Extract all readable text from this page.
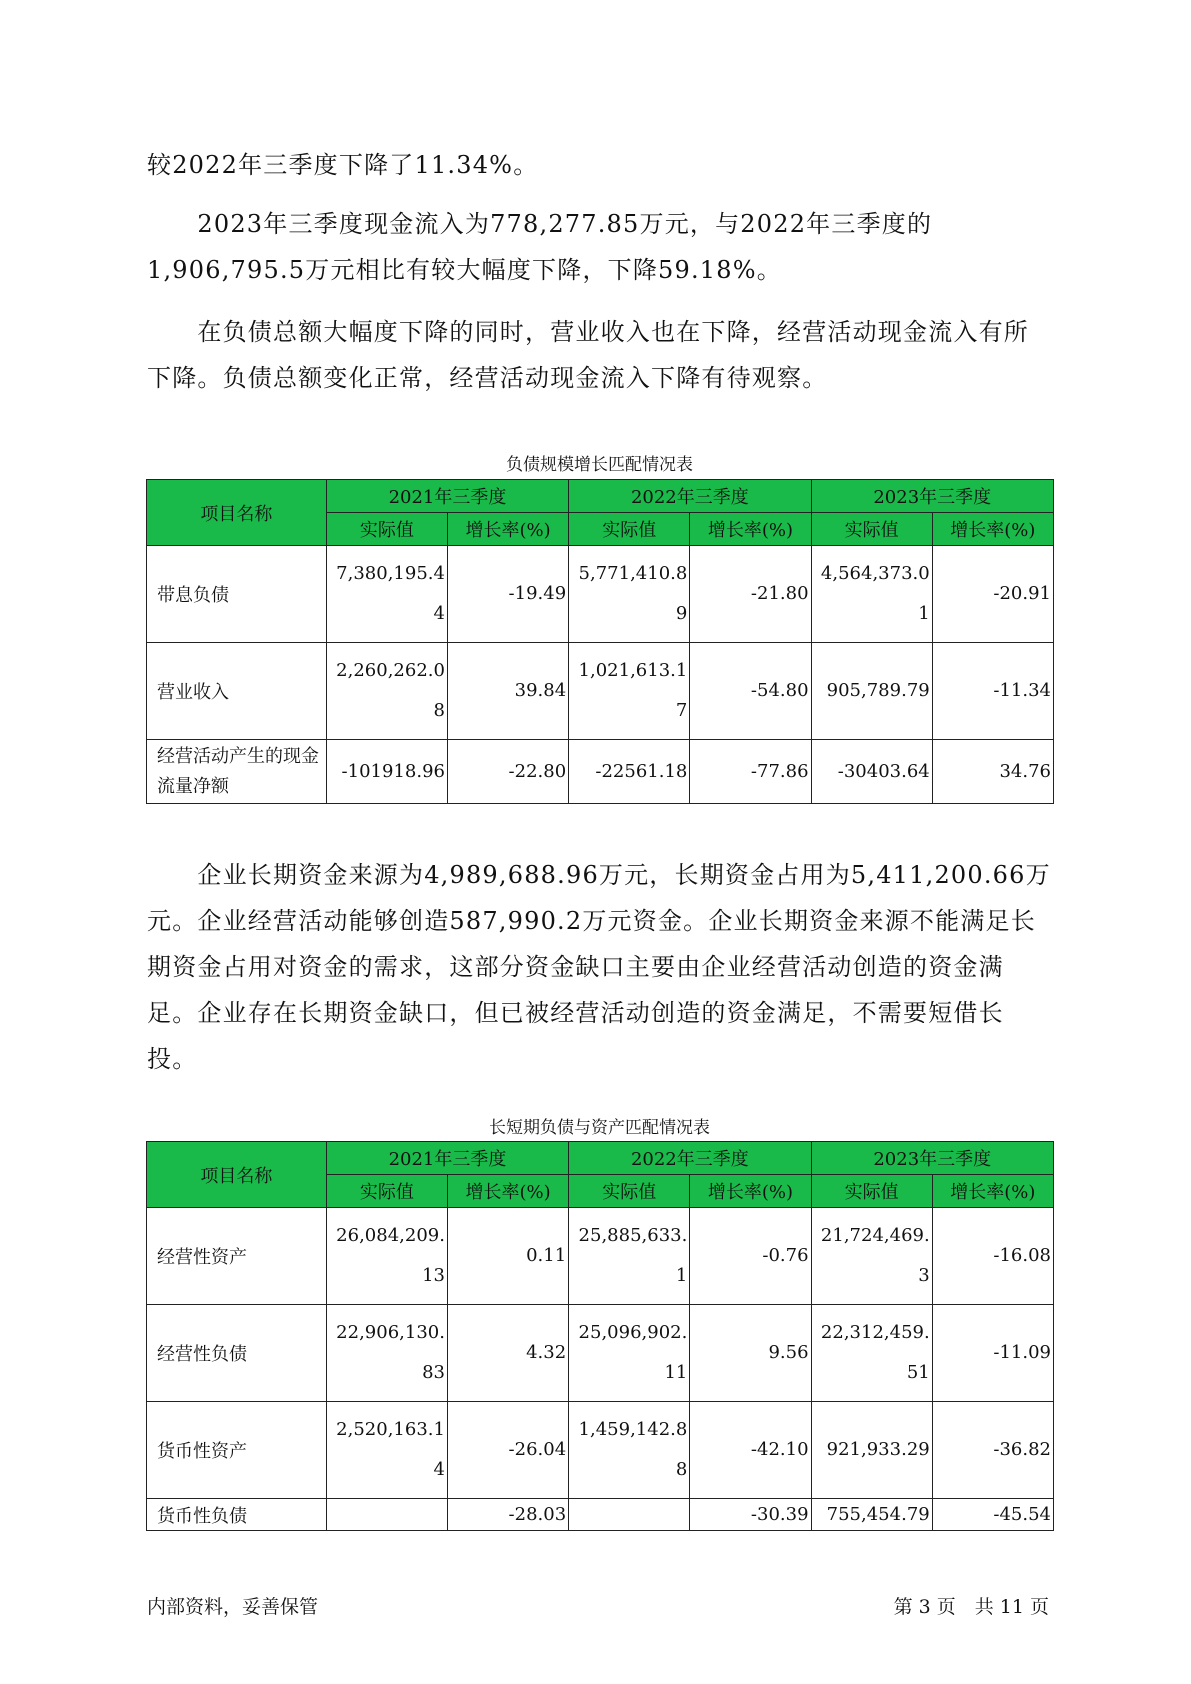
较2022年三季度下降了11.34%。

　　2023年三季度现金流入为778,277.85万元，与2022年三季度的1,906,795.5万元相比有较大幅度下降，下降59.18%。

　　在负债总额大幅度下降的同时，营业收入也在下降，经营活动现金流入有所下降。负债总额变化正常，经营活动现金流入下降有待观察。

负债规模增长匹配情况表

项目名称	2021年三季度		2022年三季度		2023年三季度	
	实际值	增长率(%)	实际值	增长率(%)	实际值	增长率(%)
带息负债	7,380,195.44	-19.49	5,771,410.89	-21.80	4,564,373.01	-20.91
营业收入	2,260,262.08	39.84	1,021,613.17	-54.80	905,789.79	-11.34
经营活动产生的现金流量净额	-101918.96	-22.80	-22561.18	-77.86	-30403.64	34.76

　　企业长期资金来源为4,989,688.96万元，长期资金占用为5,411,200.66万元。企业经营活动能够创造587,990.2万元资金。企业长期资金来源不能满足长期资金占用对资金的需求，这部分资金缺口主要由企业经营活动创造的资金满足。企业存在长期资金缺口，但已被经营活动创造的资金满足，不需要短借长投。

长短期负债与资产匹配情况表

项目名称	2021年三季度		2022年三季度		2023年三季度	
	实际值	增长率(%)	实际值	增长率(%)	实际值	增长率(%)
经营性资产	26,084,209.13	0.11	25,885,633.1	-0.76	21,724,469.3	-16.08
经营性负债	22,906,130.83	4.32	25,096,902.11	9.56	22,312,459.51	-11.09
货币性资产	2,520,163.14	-26.04	1,459,142.88	-42.10	921,933.29	-36.82
货币性负债		-28.03		-30.39	755,454.79	-45.54
内部资料，妥善保管	第 3 页　共 11 页
